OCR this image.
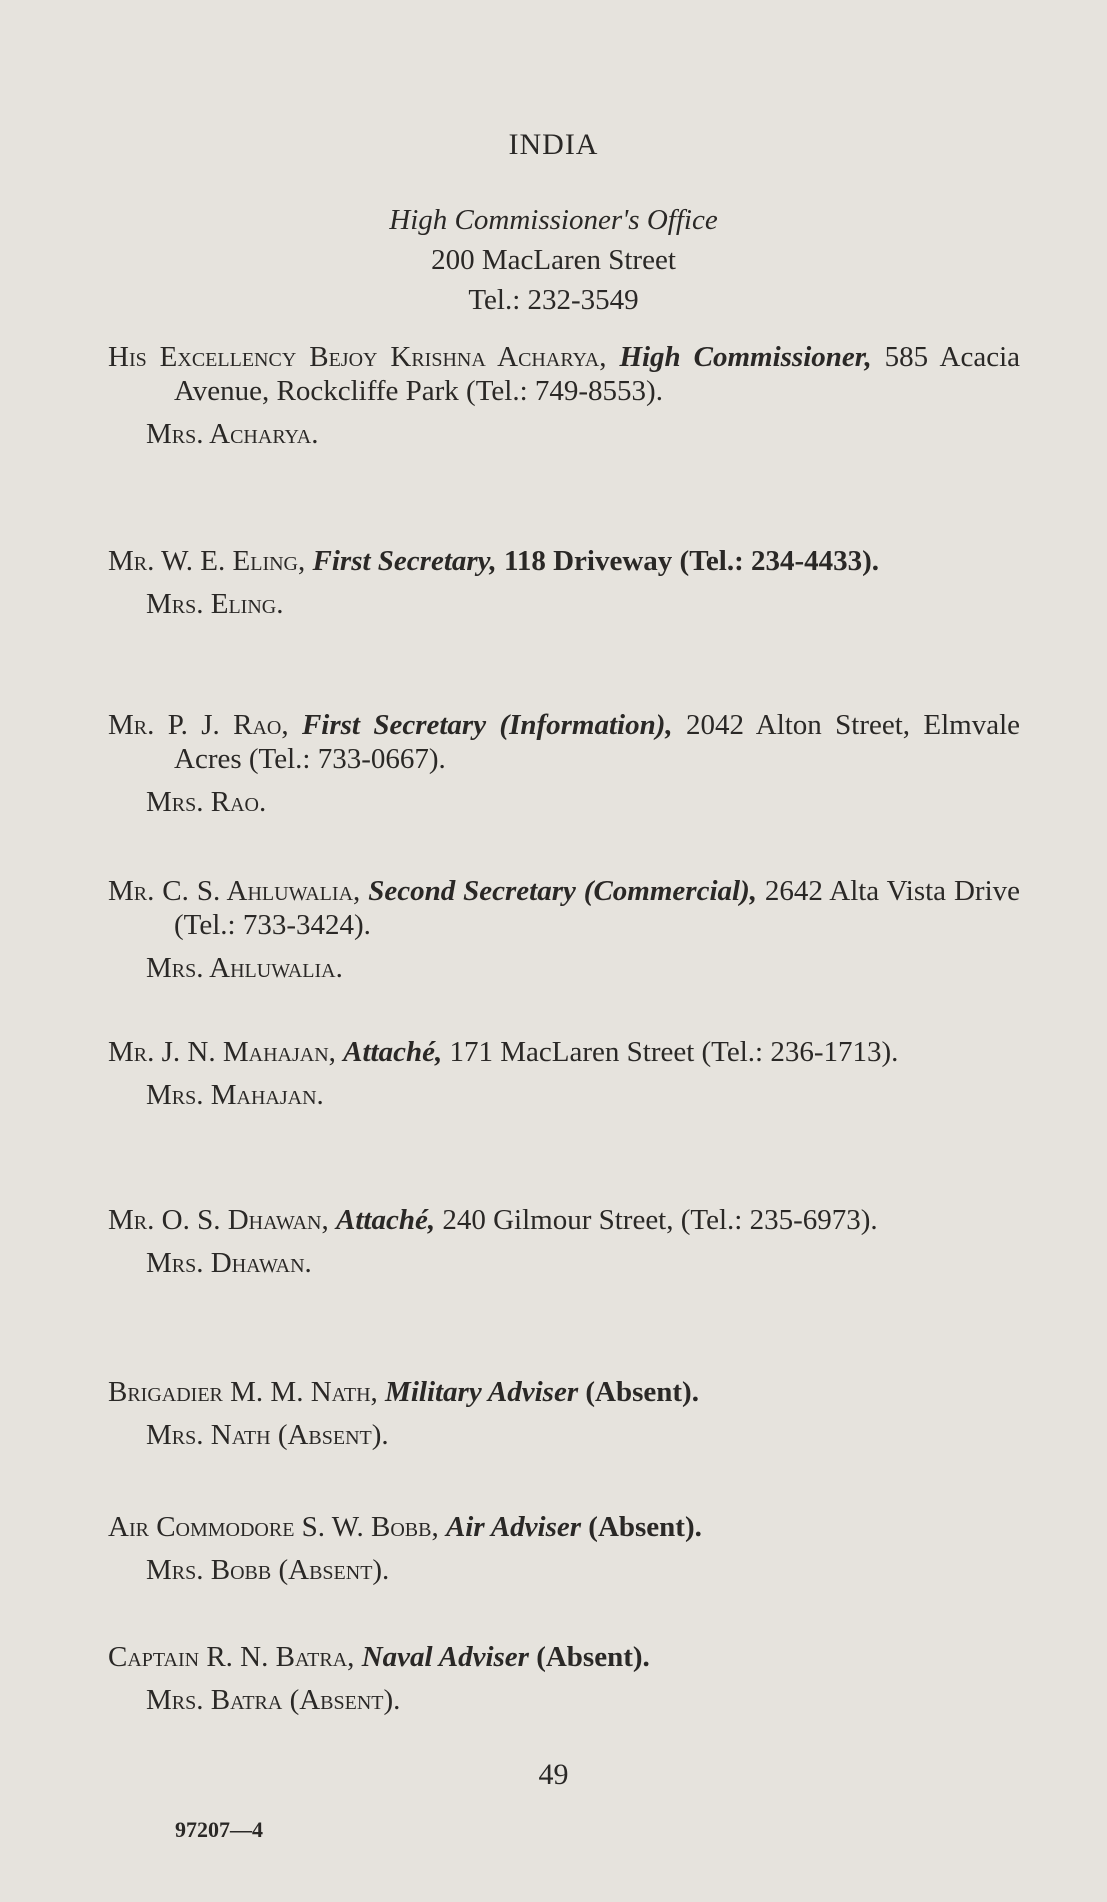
INDIA
High Commissioner's Office
200 MacLaren Street
Tel.: 232-3549
His Excellency Bejoy Krishna Acharya, High Commissioner, 585 Acacia Avenue, Rockcliffe Park (Tel.: 749-8553).
Mrs. Acharya.
Mr. W. E. Eling, First Secretary, 118 Driveway (Tel.: 234-4433).
Mrs. Eling.
Mr. P. J. Rao, First Secretary (Information), 2042 Alton Street, Elmvale Acres (Tel.: 733-0667).
Mrs. Rao.
Mr. C. S. Ahluwalia, Second Secretary (Commercial), 2642 Alta Vista Drive (Tel.: 733-3424).
Mrs. Ahluwalia.
Mr. J. N. Mahajan, Attaché, 171 MacLaren Street (Tel.: 236-1713).
Mrs. Mahajan.
Mr. O. S. Dhawan, Attaché, 240 Gilmour Street, (Tel.: 235-6973).
Mrs. Dhawan.
Brigadier M. M. Nath, Military Adviser (Absent).
Mrs. Nath (Absent).
Air Commodore S. W. Bobb, Air Adviser (Absent).
Mrs. Bobb (Absent).
Captain R. N. Batra, Naval Adviser (Absent).
Mrs. Batra (Absent).
49
97207—4
